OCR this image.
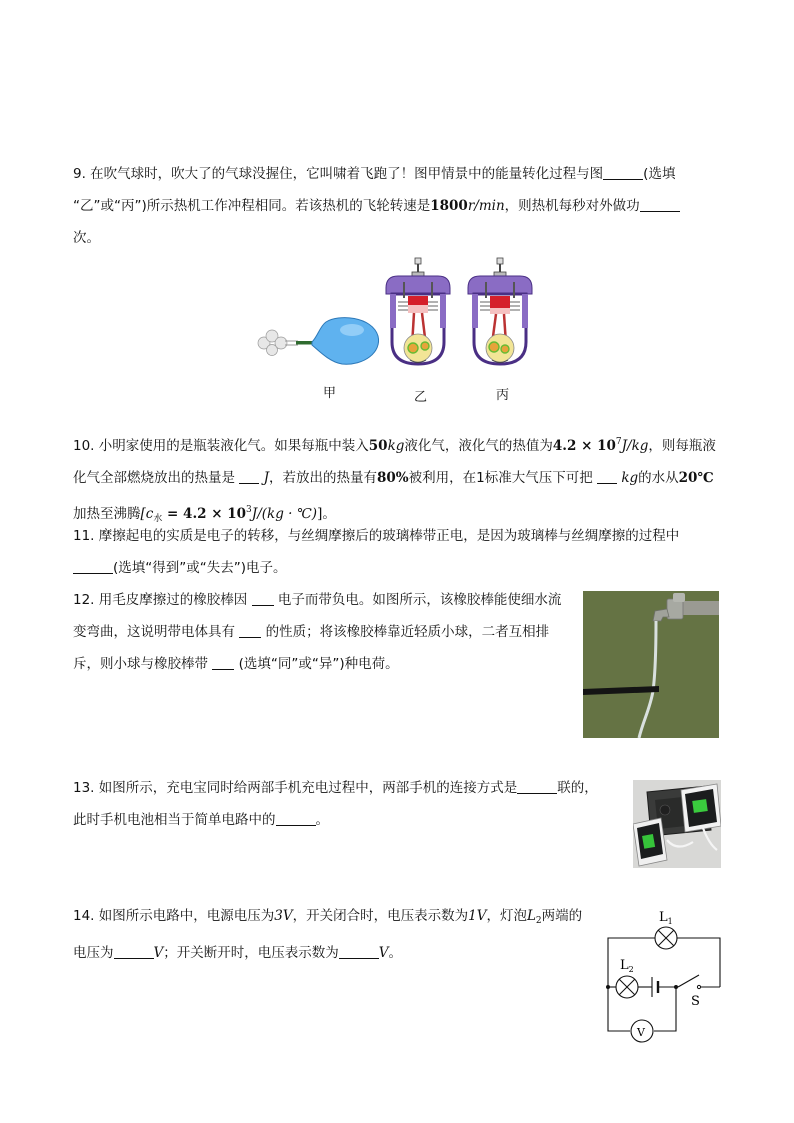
9. 在吹气球时，吹大了的气球没握住，它叫啸着飞跑了！图甲情景中的能量转化过程与图	(选填
“乙”或“丙”)所示热机工作冲程相同。若该热机的飞轮转速是1800r/min，则热机每秒对外做功
次。
甲	乙	丙
10. 小明家使用的是瓶装液化气。如果每瓶中装入50kg液化气，液化气的热值为$4.2 \times 10^7J/kg$，则每瓶液
化气全部燃烧放出的热量是 J，若放出的热量有80%被利用，在1标准大气压下可把 kg的水从20℃
加热至沸腾[$c_水 = 4.2 \times 10^3J/(kg$ · ℃)]。
11. 摩擦起电的实质是电子的转移，与丝绸摩擦后的玻璃棒带正电，是因为玻璃棒与丝绸摩擦的过程中
(选填“得到”或“失去”)电子。
12. 用毛皮摩擦过的橡胶棒因 电子而带负电。如图所示，该橡胶棒能使细水流
变弯曲，这说明带电体具有 的性质；将该橡胶棒靠近轻质小球，二者互相排
斥，则小球与橡胶棒带 (选填“同”或“异”)种电荷。
13. 如图所示，充电宝同时给两部手机充电过程中，两部手机的连接方式是	联的，
此时手机电池相当于简单电路中的	。
14. 如图所示电路中，电源电压为3V，开关闭合时，电压表示数为1V，灯泡$L_2$两端的
电压为	V；开关断开时，电压表示数为	V。
$L_1$
$L_2$
S
V
